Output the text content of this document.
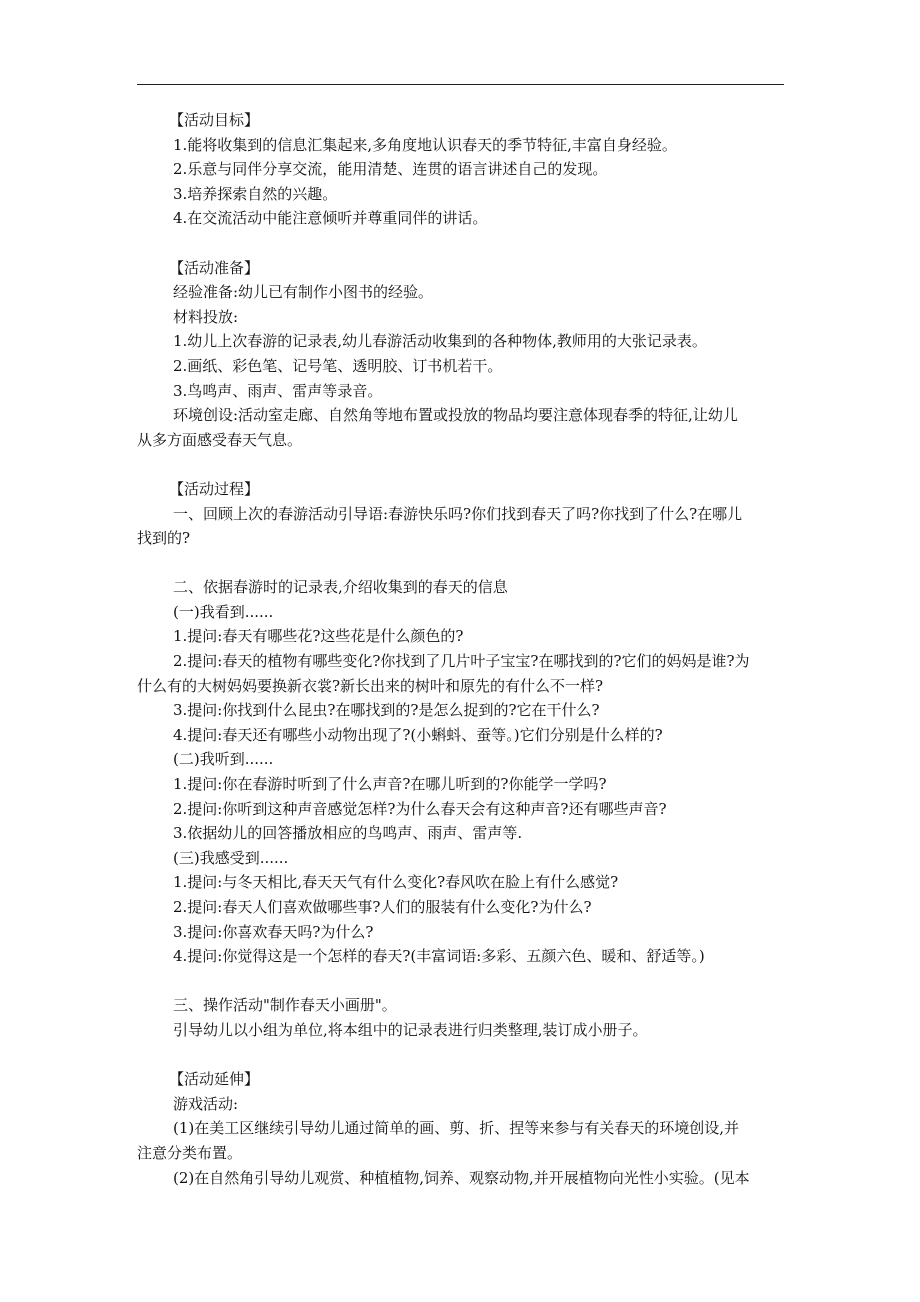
【活动目标】
1.能将收集到的信息汇集起来,多角度地认识春天的季节特征,丰富自身经验。
2.乐意与同伴分享交流，能用清楚、连贯的语言讲述自己的发现。
3.培养探索自然的兴趣。
4.在交流活动中能注意倾听并尊重同伴的讲话。
【活动准备】
经验准备:幼儿已有制作小图书的经验。
材料投放:
1.幼儿上次春游的记录表,幼儿春游活动收集到的各种物体,教师用的大张记录表。
2.画纸、彩色笔、记号笔、透明胶、订书机若干。
3.鸟鸣声、雨声、雷声等录音。
环境创设:活动室走廊、自然角等地布置或投放的物品均要注意体现春季的特征,让幼儿
从多方面感受春天气息。
【活动过程】
一、回顾上次的春游活动引导语:春游快乐吗?你们找到春天了吗?你找到了什么?在哪儿
找到的?
二、依据春游时的记录表,介绍收集到的春天的信息
(一)我看到......
1.提问:春天有哪些花?这些花是什么颜色的?
2.提问:春天的植物有哪些变化?你找到了几片叶子宝宝?在哪找到的?它们的妈妈是谁?为
什么有的大树妈妈要换新衣裳?新长出来的树叶和原先的有什么不一样?
3.提问:你找到什么昆虫?在哪找到的?是怎么捉到的?它在干什么?
4.提问:春天还有哪些小动物出现了?(小蝌蚪、蚕等。)它们分别是什么样的?
(二)我听到......
1.提问:你在春游时听到了什么声音?在哪儿听到的?你能学一学吗?
2.提问:你听到这种声音感觉怎样?为什么春天会有这种声音?还有哪些声音?
3.依据幼儿的回答播放相应的鸟鸣声、雨声、雷声等.
(三)我感受到......
1.提问:与冬天相比,春天天气有什么变化?春风吹在脸上有什么感觉?
2.提问:春天人们喜欢做哪些事?人们的服装有什么变化?为什么?
3.提问:你喜欢春天吗?为什么?
4.提问:你觉得这是一个怎样的春天?(丰富词语:多彩、五颜六色、暖和、舒适等。)
三、操作活动"制作春天小画册"。
引导幼儿以小组为单位,将本组中的记录表进行归类整理,装订成小册子。
【活动延伸】
游戏活动:
(1)在美工区继续引导幼儿通过简单的画、剪、折、捏等来参与有关春天的环境创设,并
注意分类布置。
(2)在自然角引导幼儿观赏、种植植物,饲养、观察动物,并开展植物向光性小实验。(见本
